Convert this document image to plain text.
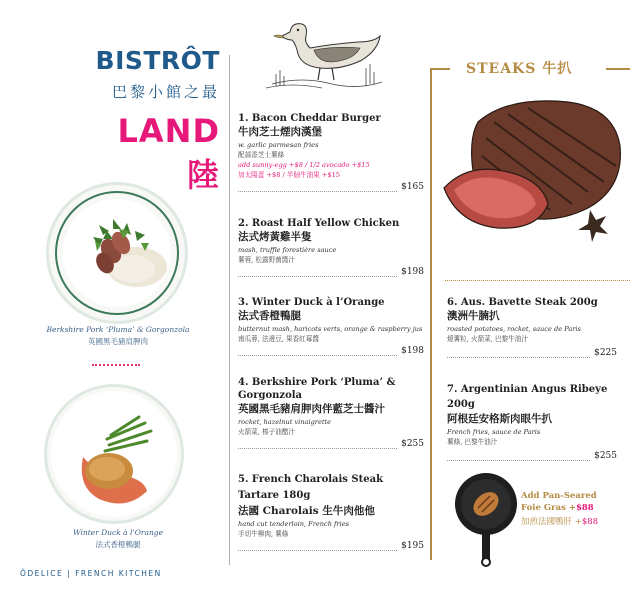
BISTRÔT
巴黎小館之最
LAND 陸
Berkshire Pork ‘Pluma’ & Gorgonzola
英國黑毛豬肩胛肉
Winter Duck à l’Orange
法式香橙鴨腿
ÔDELICE | FRENCH KITCHEN
1. Bacon Cheddar Burger
牛肉芝士煙肉漢堡
w. garlic parmesan fries
配蒜香芝士薯條
add sunny-egg +$8 / 1/2 avocado +$15
加太陽蛋 +$8 / 半個牛油果 +$15
$165
2. Roast Half Yellow Chicken
法式烤黃雞半隻
mash, truffle forestière sauce
薯蓉, 松露野菌醬汁
$198
3. Winter Duck à l’Orange
法式香橙鴨腿
butternut mash, haricots verts, orange & raspberry jus
南瓜蓉, 法邊豆, 果香紅莓醬
$198
4. Berkshire Pork ‘Pluma’ & Gorgonzola
英國黑毛豬肩胛肉伴藍芝士醬汁
rocket, hazelnut vinaigrette
火箭菜, 榛子油醋汁
$255
5. French Charolais Steak Tartare 180g
法國 Charolais 生牛肉他他
hand cut tenderloin, French fries
手切牛柳肉, 薯條
$195
STEAKS 牛扒
6. Aus. Bavette Steak 200g
澳洲牛腩扒
roasted potatoes, rocket, sauce de Paris
燒薯粒, 火箭菜, 巴黎牛油汁
$225
7. Argentinian Angus Ribeye 200g
阿根廷安格斯肉眼牛扒
French fries, sauce de Paris
薯條, 巴黎牛油汁
$255
Add Pan-Seared
Foie Gras +$88
加煎法國鴨肝 +$88
